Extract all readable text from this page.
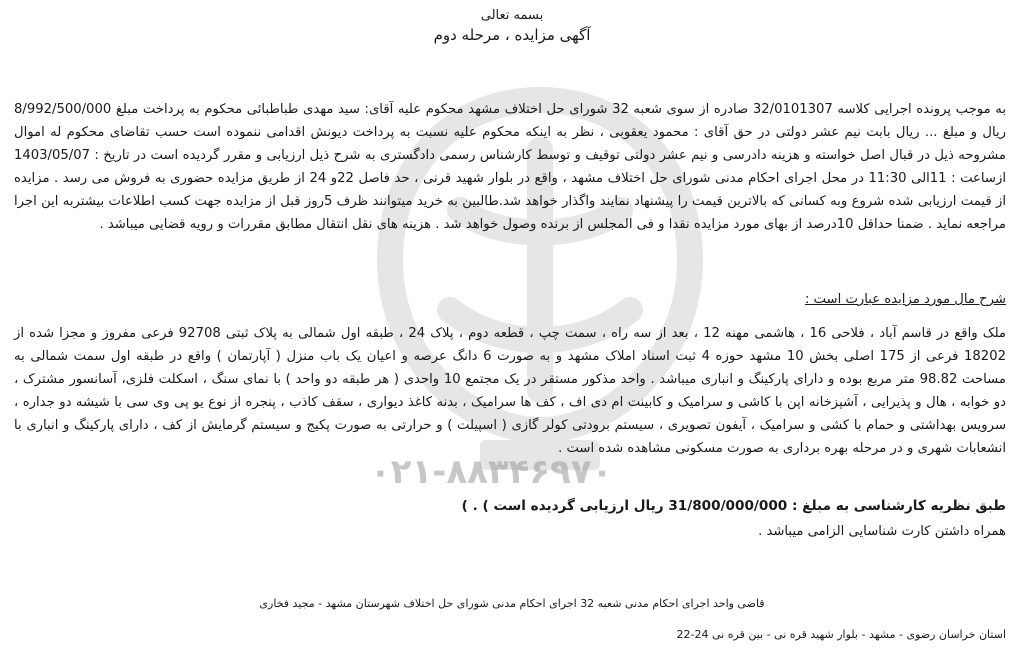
۰۲۱-۸۸۳۴۶۹۷۰
بسمه تعالی
آگهی مزایده ، مرحله دوم
به موجب پرونده اجرایی کلاسه 32/0101307 صادره از سوی شعبه 32 شورای حل اختلاف مشهد محکوم علیه آقای: سید مهدی طباطبائی محکوم به پرداخت مبلغ 8/992/500/000 ریال و مبلغ ... ریال بابت نیم عشر دولتی در حق آقای : محمود یعقوبی ، نظر به اینکه محکوم علیه نسبت به پرداخت دیونش اقدامی ننموده است حسب تقاضای محکوم له اموال مشروحه ذیل در قبال اصل خواسته و هزینه دادرسی و نیم عشر دولتی توقیف و توسط کارشناس رسمی دادگستری به شرح ذیل ارزیابی و مقرر گردیده است در تاریخ : 1403/05/07 ازساعت : 11الی 11:30 در محل اجرای احکام مدنی شورای حل اختلاف مشهد ، واقع در بلوار شهید قرنی ، حد فاصل 22و 24 از طریق مزایده حضوری به فروش می رسد . مزایده از قیمت ارزیابی شده شروع وبه کسانی که بالاترین قیمت را پیشنهاد نمایند واگذار خواهد شد.طالبین به خرید میتوانند ظرف 5روز قبل از مزایده جهت کسب اطلاعات بیشتربه این اجرا مراجعه نماید . ضمنا حداقل 10درصد از بهای مورد مزایده نقدا و فی المجلس از برنده وصول خواهد شد . هزینه های نقل انتقال مطابق مقررات و رویه قضایی میباشد .
شرح مال مورد مزایده عبارت است :
ملک واقع در قاسم آباد ، فلاحی 16 ، هاشمی مهنه 12 ، بعد از سه راه ، سمت چپ ، قطعه دوم ، پلاک 24 ، طبقه اول شمالی به پلاک ثبتی 92708 فرعی مفروز و مجزا شده از 18202 فرعی از 175 اصلی بخش 10 مشهد حوزه 4 ثبت اسناد املاک مشهد و به صورت 6 دانگ عرصه و اعیان یک باب منزل ( آپارتمان ) واقع در طبقه اول سمت شمالی به مساحت 98.82 متر مربع بوده و دارای پارکینگ و انباری میباشد . واحد مذکور مستقر در یک مجتمع 10 واحدی ( هر طبقه دو واحد ) با نمای سنگ ، اسکلت فلزی، آسانسور مشترک ، دو خوابه ، هال و پذیرایی ، آشپزخانه اپن با کاشی و سرامیک و کابینت ام دی اف ، کف ها سرامیک ، بدنه کاغذ دیواری ، سقف کاذب ، پنجره از نوع یو پی وی سی با شیشه دو جداره ، سرویس بهداشتی و حمام با کشی و سرامیک ، آیفون تصویری ، سیستم برودتی کولر گازی ( اسپیلت ) و حرارتی به صورت پکیج و سیستم گرمایش از کف ، دارای پارکینگ و انباری با انشعابات شهری و در مرحله بهره برداری به صورت مسکونی مشاهده شده است .
طبق نظریه کارشناسی به مبلغ : 31/800/000/000 ریال ارزیابی گردیده است ) . )
همراه داشتن کارت شناسایی الزامی میباشد .
قاضی واحد اجرای احکام مدنی شعبه 32 اجرای احکام مدنی شورای حل اختلاف شهرستان مشهد - مجید فخاری
استان خراسان رضوی - مشهد - بلوار شهید قره نی - بین قره نی 24-22
